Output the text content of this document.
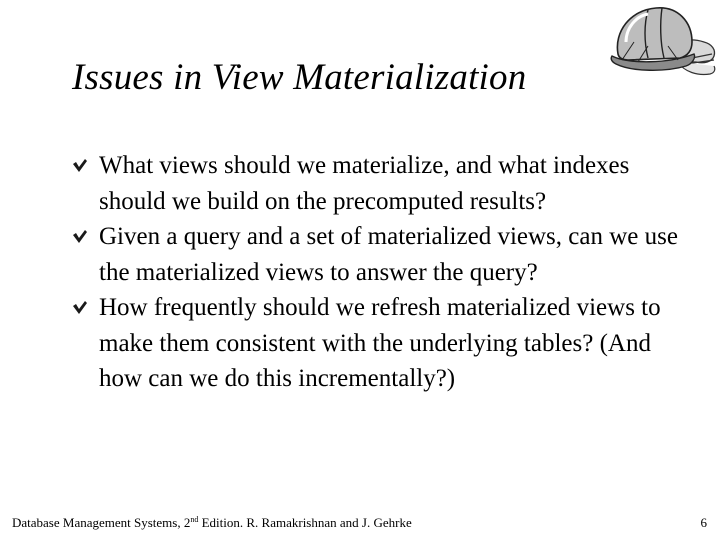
Issues in View Materialization
What views should we materialize, and what indexes should we build on the precomputed results?
Given a query and a set of materialized views, can we use the materialized views to answer the query?
How frequently should we refresh materialized views to make them consistent with the underlying tables? (And how can we do this incrementally?)
Database Management Systems, 2nd Edition. R. Ramakrishnan and J. Gehrke	6
